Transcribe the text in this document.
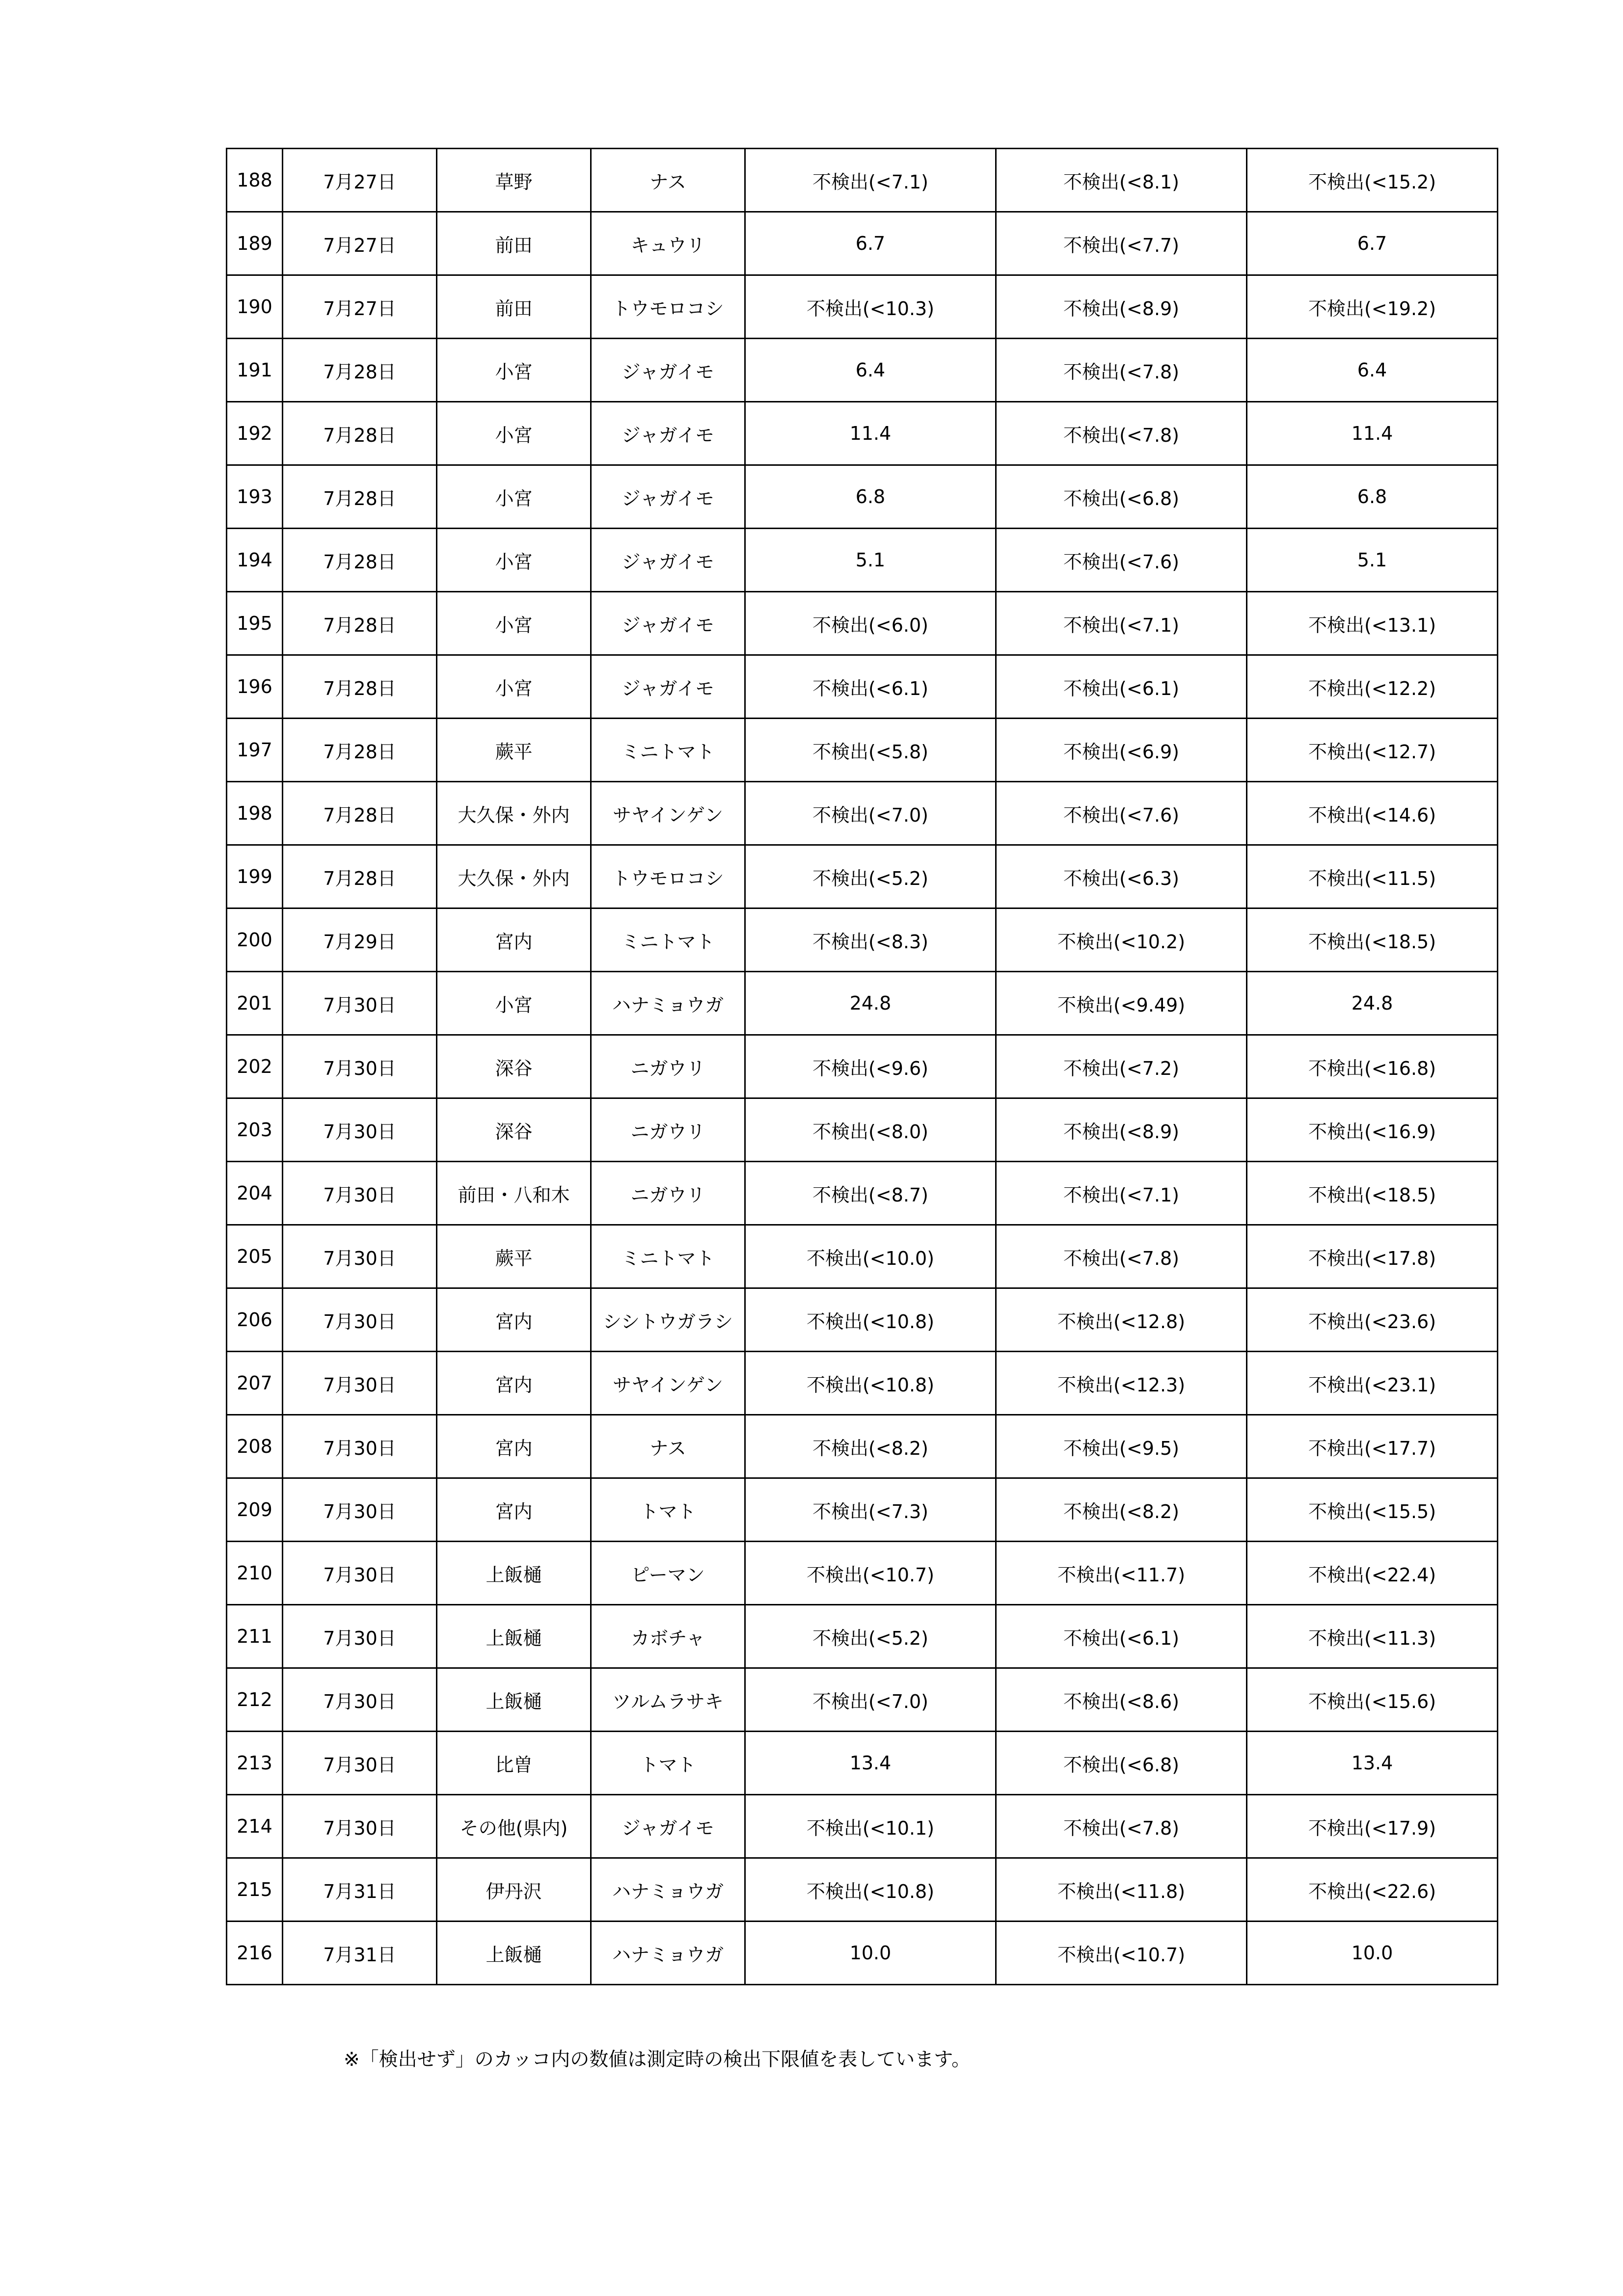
188	7月27日	草野	ナス	不検出(<7.1)	不検出(<8.1)	不検出(<15.2)
189	7月27日	前田	キュウリ	6.7	不検出(<7.7)	6.7
190	7月27日	前田	トウモロコシ	不検出(<10.3)	不検出(<8.9)	不検出(<19.2)
191	7月28日	小宮	ジャガイモ	6.4	不検出(<7.8)	6.4
192	7月28日	小宮	ジャガイモ	11.4	不検出(<7.8)	11.4
193	7月28日	小宮	ジャガイモ	6.8	不検出(<6.8)	6.8
194	7月28日	小宮	ジャガイモ	5.1	不検出(<7.6)	5.1
195	7月28日	小宮	ジャガイモ	不検出(<6.0)	不検出(<7.1)	不検出(<13.1)
196	7月28日	小宮	ジャガイモ	不検出(<6.1)	不検出(<6.1)	不検出(<12.2)
197	7月28日	蕨平	ミニトマト	不検出(<5.8)	不検出(<6.9)	不検出(<12.7)
198	7月28日	大久保・外内	サヤインゲン	不検出(<7.0)	不検出(<7.6)	不検出(<14.6)
199	7月28日	大久保・外内	トウモロコシ	不検出(<5.2)	不検出(<6.3)	不検出(<11.5)
200	7月29日	宮内	ミニトマト	不検出(<8.3)	不検出(<10.2)	不検出(<18.5)
201	7月30日	小宮	ハナミョウガ	24.8	不検出(<9.49)	24.8
202	7月30日	深谷	ニガウリ	不検出(<9.6)	不検出(<7.2)	不検出(<16.8)
203	7月30日	深谷	ニガウリ	不検出(<8.0)	不検出(<8.9)	不検出(<16.9)
204	7月30日	前田・八和木	ニガウリ	不検出(<8.7)	不検出(<7.1)	不検出(<18.5)
205	7月30日	蕨平	ミニトマト	不検出(<10.0)	不検出(<7.8)	不検出(<17.8)
206	7月30日	宮内	シシトウガラシ	不検出(<10.8)	不検出(<12.8)	不検出(<23.6)
207	7月30日	宮内	サヤインゲン	不検出(<10.8)	不検出(<12.3)	不検出(<23.1)
208	7月30日	宮内	ナス	不検出(<8.2)	不検出(<9.5)	不検出(<17.7)
209	7月30日	宮内	トマト	不検出(<7.3)	不検出(<8.2)	不検出(<15.5)
210	7月30日	上飯樋	ピーマン	不検出(<10.7)	不検出(<11.7)	不検出(<22.4)
211	7月30日	上飯樋	カボチャ	不検出(<5.2)	不検出(<6.1)	不検出(<11.3)
212	7月30日	上飯樋	ツルムラサキ	不検出(<7.0)	不検出(<8.6)	不検出(<15.6)
213	7月30日	比曽	トマト	13.4	不検出(<6.8)	13.4
214	7月30日	その他(県内)	ジャガイモ	不検出(<10.1)	不検出(<7.8)	不検出(<17.9)
215	7月31日	伊丹沢	ハナミョウガ	不検出(<10.8)	不検出(<11.8)	不検出(<22.6)
216	7月31日	上飯樋	ハナミョウガ	10.0	不検出(<10.7)	10.0
※「検出せず」のカッコ内の数値は測定時の検出下限値を表しています。
